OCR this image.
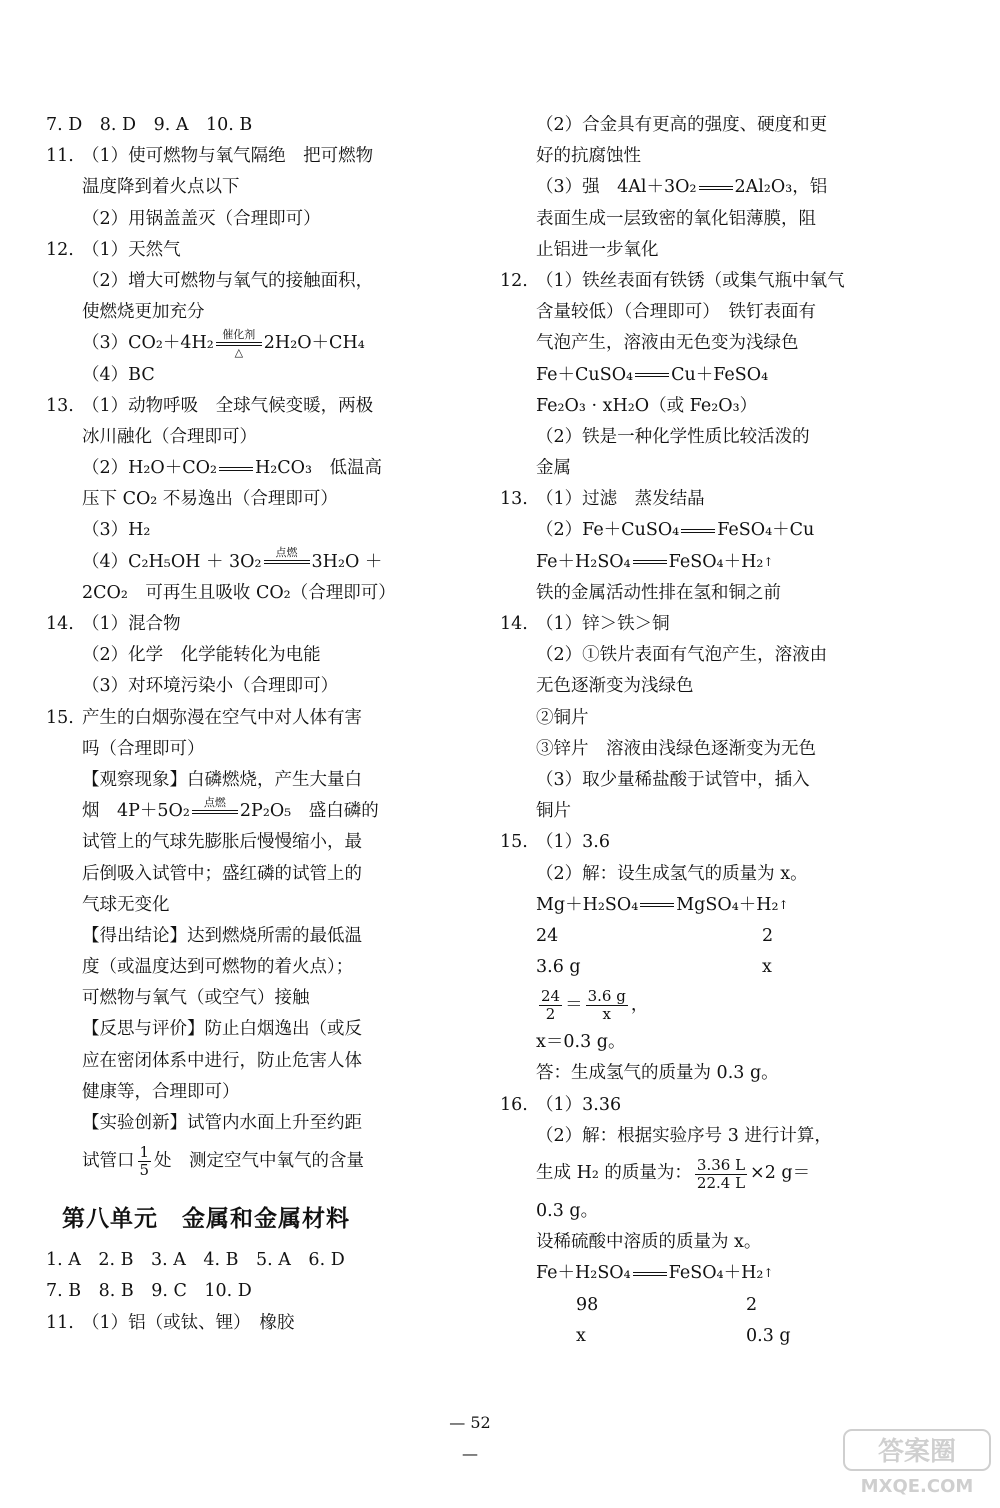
7. D　8. D　9. A　10. B
11. （1）使可燃物与氧气隔绝　把可燃物
温度降到着火点以下
（2）用锅盖盖灭（合理即可）
12. （1）天然气
（2）增大可燃物与氧气的接触面积，
使燃烧更加充分
（3）CO₂＋4H₂ 催化剂
△ 2H₂O＋CH₄
（4）BC
13. （1）动物呼吸　全球气候变暖，两极
冰川融化（合理即可）
（2）H₂O＋CO₂ H₂CO₃　低温高
压下 CO₂ 不易逸出（合理即可）
（3）H₂
（4）C₂H₅OH ＋ 3O₂ 点燃
3H₂O ＋
2CO₂　可再生且吸收 CO₂（合理即可）
14. （1）混合物
（2）化学　化学能转化为电能
（3）对环境污染小（合理即可）
15. 产生的白烟弥漫在空气中对人体有害
吗（合理即可）
【观察现象】白磷燃烧，产生大量白
烟　4P＋5O₂ 点燃
2P₂O₅　盛白磷的
试管上的气球先膨胀后慢慢缩小，最
后倒吸入试管中；盛红磷的试管上的
气球无变化
【得出结论】达到燃烧所需的最低温
度（或温度达到可燃物的着火点）；
可燃物与氧气（或空气）接触
【反思与评价】防止白烟逸出（或反
应在密闭体系中进行，防止危害人体
健康等，合理即可）
【实验创新】试管内水面上升至约距
试管口 $\frac{1}{5}$ 处　测定空气中氧气的含量
第八单元　金属和金属材料
1. A　2. B　3. A　4. B　5. A　6. D
7. B　8. B　9. C　10. D
11. （1）铝（或钛、锂）　橡胶
（2）合金具有更高的强度、硬度和更
好的抗腐蚀性
（3）强　4Al＋3O₂ 2Al₂O₃，铝
表面生成一层致密的氧化铝薄膜，阻
止铝进一步氧化
12. （1）铁丝表面有铁锈（或集气瓶中氧气
含量较低）（合理即可）　铁钉表面有
气泡产生，溶液由无色变为浅绿色
Fe＋CuSO₄ Cu＋FeSO₄
Fe₂O₃ · xH₂O（或 Fe₂O₃）
（2）铁是一种化学性质比较活泼的
金属
13. （1）过滤　蒸发结晶
（2）Fe＋CuSO₄ FeSO₄＋Cu
Fe＋H₂SO₄ FeSO₄＋H₂ ↑
铁的金属活动性排在氢和铜之前
14. （1）锌＞铁＞铜
（2）①铁片表面有气泡产生，溶液由
无色逐渐变为浅绿色
②铜片
③锌片　溶液由浅绿色逐渐变为无色
（3）取少量稀盐酸于试管中，插入
铜片
15. （1）3.6
（2）解：设生成氢气的质量为 x。
Mg＋H₂SO₄ MgSO₄＋H₂ ↑
24	2
3.6 g	x
$\frac{24}{2} = \frac{3.6 g}{x}$ ，
x＝0.3 g。
答：生成氢气的质量为 0.3 g。
16. （1）3.36
（2）解：根据实验序号 3 进行计算，
生成 H₂ 的质量为： $\frac{3.36 L}{22.4 L} \times 2$ g＝
0.3 g。
设稀硫酸中溶质的质量为 x。
Fe＋H₂SO₄ FeSO₄＋H₂ ↑
98	2
x	0.3 g
— 52 —	答案圈
MXQE.COM
